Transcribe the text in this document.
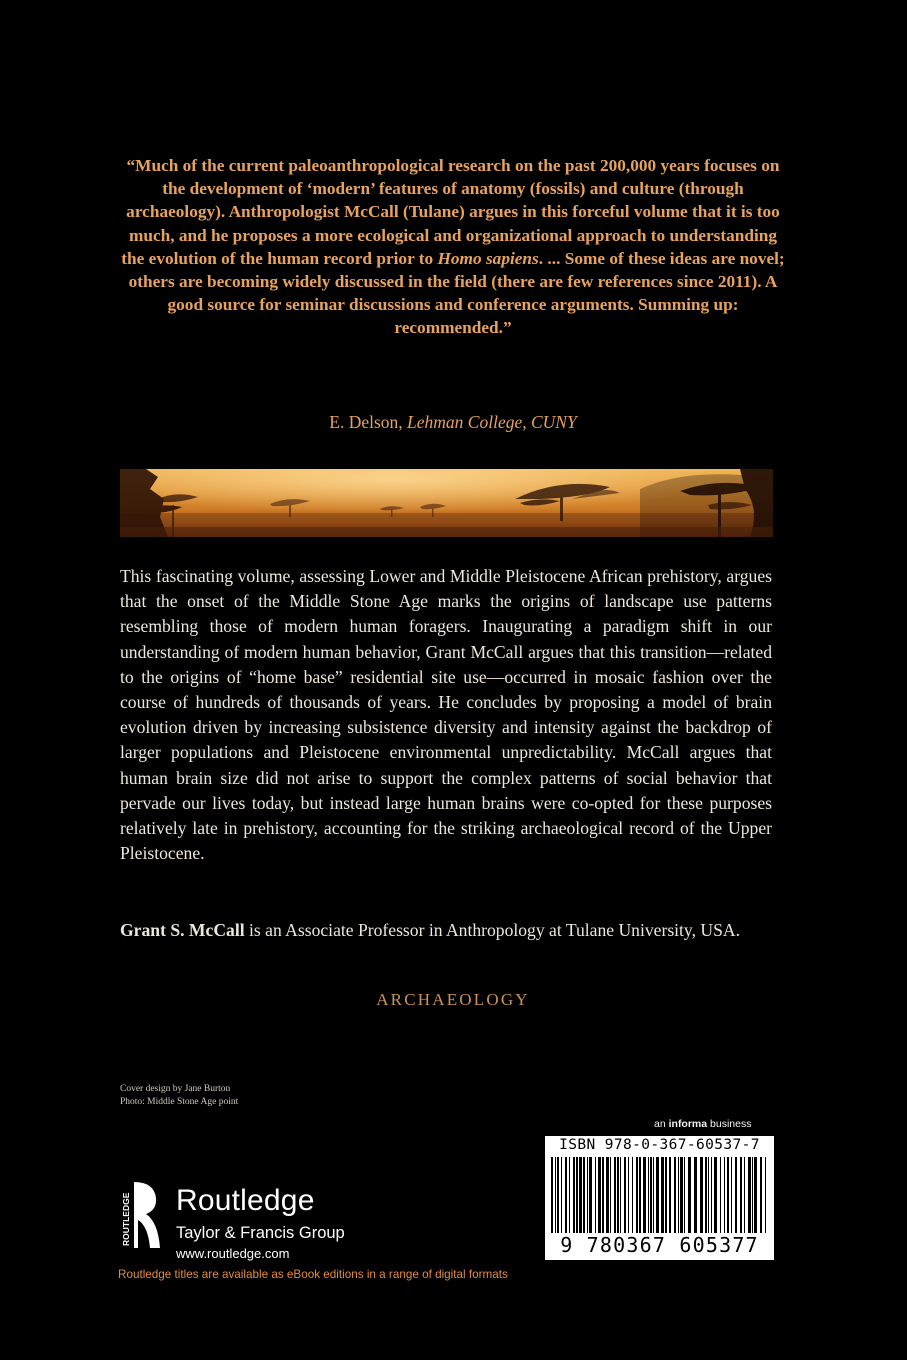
“Much of the current paleoanthropological research on the past 200,000 years focuses on the development of ‘modern’ features of anatomy (fossils) and culture (through archaeology). Anthropologist McCall (Tulane) argues in this forceful volume that it is too much, and he proposes a more ecological and organizational approach to understanding the evolution of the human record prior to Homo sapiens. ... Some of these ideas are novel; others are becoming widely discussed in the field (there are few references since 2011). A good source for seminar discussions and conference arguments. Summing up: recommended.”
E. Delson, Lehman College, CUNY
This fascinating volume, assessing Lower and Middle Pleistocene African prehistory, argues that the onset of the Middle Stone Age marks the origins of landscape use patterns resembling those of modern human foragers. Inaugurating a paradigm shift in our understanding of modern human behavior, Grant McCall argues that this transition—related to the origins of “home base” residential site use—occurred in mosaic fashion over the course of hundreds of thousands of years. He concludes by proposing a model of brain evolution driven by increasing subsistence diversity and intensity against the backdrop of larger populations and Pleistocene environmental unpredictability. McCall argues that human brain size did not arise to support the complex patterns of social behavior that pervade our lives today, but instead large human brains were co-opted for these purposes relatively late in prehistory, accounting for the striking archaeological record of the Upper Pleistocene.
Grant S. McCall is an Associate Professor in Anthropology at Tulane University, USA.
ARCHAEOLOGY
Cover design by Jane Burton
Photo: Middle Stone Age point
an informa business
ISBN 978-0-367-60537-7
9 780367 605377
ROUTLEDGE Routledge
Taylor & Francis Group
www.routledge.com
Routledge titles are available as eBook editions in a range of digital formats
